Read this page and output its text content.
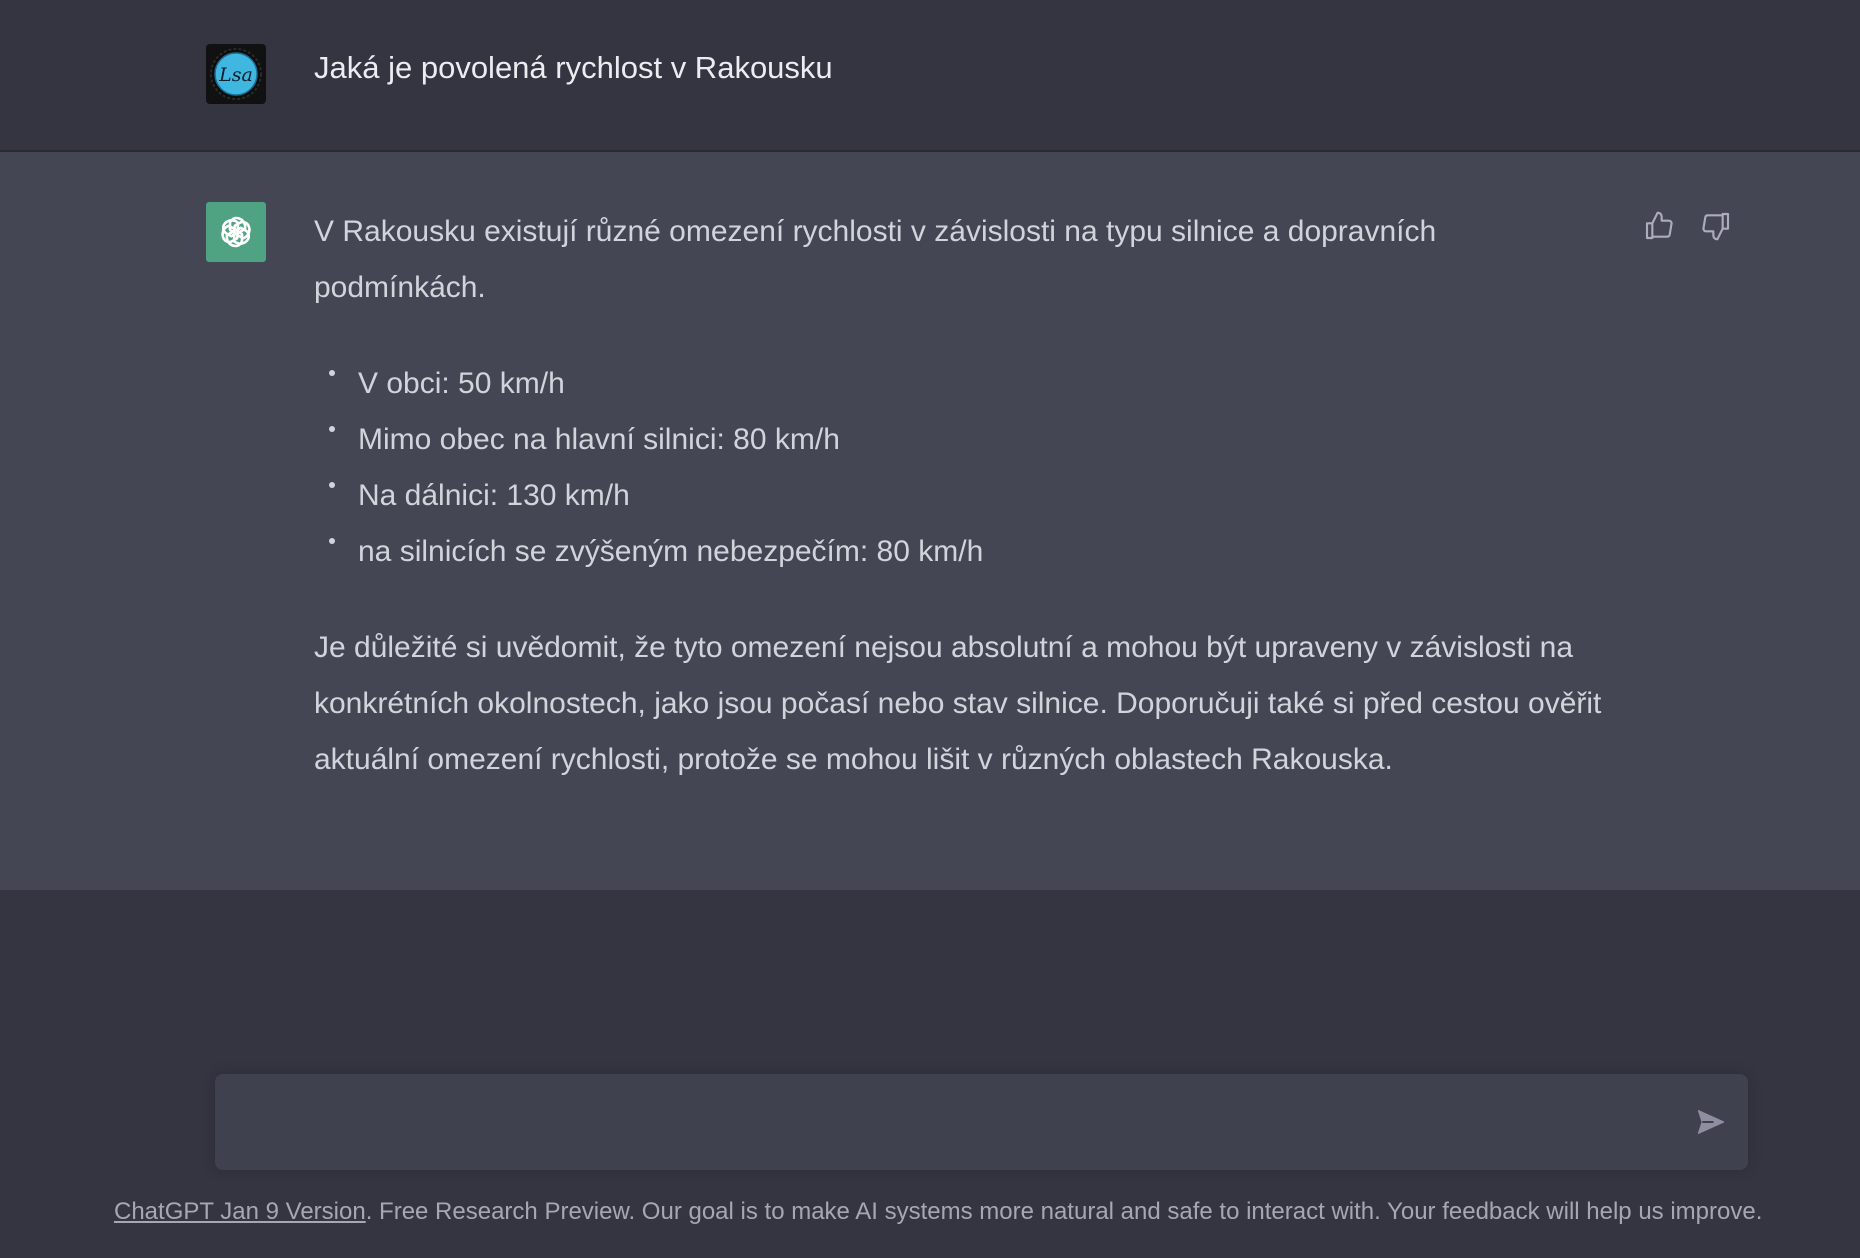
Lsa Jaká je povolená rychlost v Rakousku

V Rakousku existují různé omezení rychlosti v závislosti na typu silnice a dopravních podmínkách.

V obci: 50 km/h
Mimo obec na hlavní silnici: 80 km/h
Na dálnici: 130 km/h
na silnicích se zvýšeným nebezpečím: 80 km/h

Je důležité si uvědomit, že tyto omezení nejsou absolutní a mohou být upraveny v závislosti na konkrétních okolnostech, jako jsou počasí nebo stav silnice. Doporučuji také si před cestou ověřit aktuální omezení rychlosti, protože se mohou lišit v různých oblastech Rakouska.

ChatGPT Jan 9 Version. Free Research Preview. Our goal is to make AI systems more natural and safe to interact with. Your feedback will help us improve.
